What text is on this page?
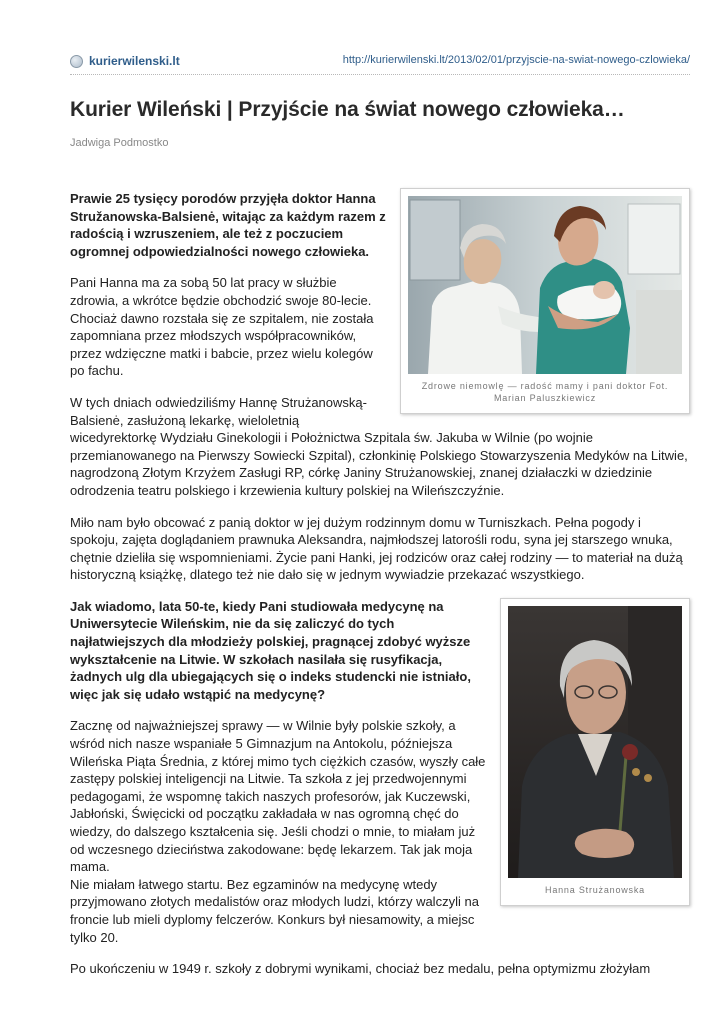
kurierwilenski.lt	http://kurierwilenski.lt/2013/02/01/przyjscie-na-swiat-nowego-czlowieka/
Kurier Wileński | Przyjście na świat nowego człowieka…
Jadwiga Podmostko
Zdrowe niemowlę — radość mamy i pani doktor Fot. Marian Paluszkiewicz

Prawie 25 tysięcy porodów przyjęła doktor Hanna Stružanowska-Balsienė, witając za każdym razem z radością i wzruszeniem, ale też z poczuciem ogromnej odpowiedzialności nowego człowieka.

Pani Hanna ma za sobą 50 lat pracy w służbie zdrowia, a wkrótce będzie obchodzić swoje 80-lecie. Chociaż dawno rozstała się ze szpitalem, nie została zapomniana przez młodszych współpracowników, przez wdzięczne matki i babcie, przez wielu kolegów po fachu.

W tych dniach odwiedziliśmy Hannę Strużanowską-Balsienė, zasłużoną lekarkę, wieloletnią wicedyrektorkę Wydziału Ginekologii i Położnictwa Szpitala św. Jakuba w Wilnie (po wojnie przemianowanego na Pierwszy Sowiecki Szpital), członkinię Polskiego Stowarzyszenia Medyków na Litwie, nagrodzoną Złotym Krzyżem Zasługi RP, córkę Janiny Strużanowskiej, znanej działaczki w dziedzinie odrodzenia teatru polskiego i krzewienia kultury polskiej na Wileńszczyźnie.

Miło nam było obcować z panią doktor w jej dużym rodzinnym domu w Turniszkach. Pełna pogody i spokoju, zajęta doglądaniem prawnuka Aleksandra, najmłodszej latorośli rodu, syna jej starszego wnuka, chętnie dzieliła się wspomnieniami. Życie pani Hanki, jej rodziców oraz całej rodziny — to materiał na dużą historyczną książkę, dlatego też nie dało się w jednym wywiadzie przekazać wszystkiego.

Hanna Strużanowska

Jak wiadomo, lata 50-te, kiedy Pani studiowała medycynę na Uniwersytecie Wileńskim, nie da się zaliczyć do tych najłatwiejszych dla młodzieży polskiej, pragnącej zdobyć wyższe wykształcenie na Litwie. W szkołach nasilała się rusyfikacja, żadnych ulg dla ubiegających się o indeks studencki nie istniało, więc jak się udało wstąpić na medycynę?

Zacznę od najważniejszej sprawy — w Wilnie były polskie szkoły, a wśród nich nasze wspaniałe 5 Gimnazjum na Antokolu, późniejsza Wileńska Piąta Średnia, z której mimo tych ciężkich czasów, wyszły całe zastępy polskiej inteligencji na Litwie. Ta szkoła z jej przedwojennymi pedagogami, że wspomnę takich naszych profesorów, jak Kuczewski, Jabłoński, Święcicki od początku zakładała w nas ogromną chęć do wiedzy, do dalszego kształcenia się. Jeśli chodzi o mnie, to miałam już od wczesnego dzieciństwa zakodowane: będę lekarzem. Tak jak moja mama.

Nie miałam łatwego startu. Bez egzaminów na medycynę wtedy przyjmowano złotych medalistów oraz młodych ludzi, którzy walczyli na froncie lub mieli dyplomy felczerów. Konkurs był niesamowity, a miejsc tylko 20.

Po ukończeniu w 1949 r. szkoły z dobrymi wynikami, chociaż bez medalu, pełna optymizmu złożyłam
